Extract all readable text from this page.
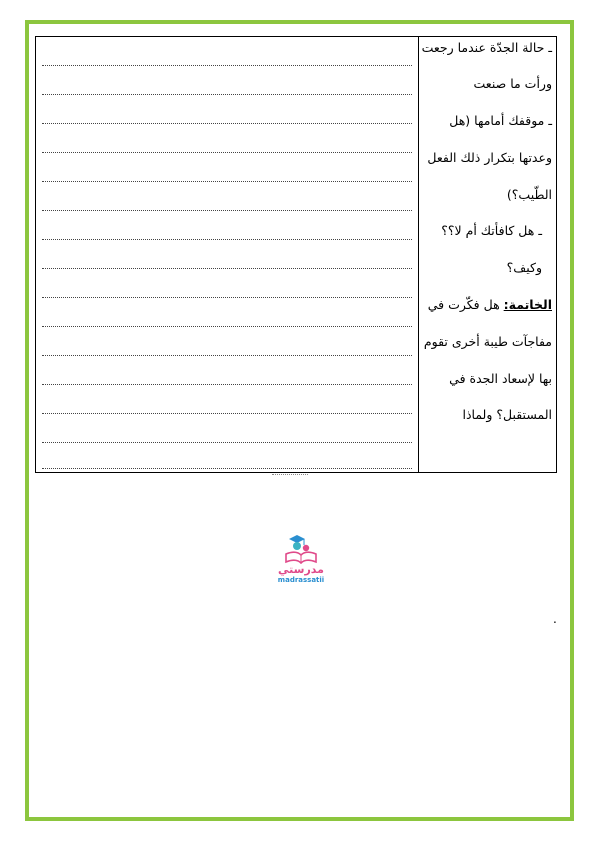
ـ حالة الجدّة عندما رجعت
ورأت ما صنعت
ـ موقفك أمامها (هل
وعدتها بتكرار ذلك الفعل
الطّيب؟)
ـ هل كافأتك أم لا؟؟
وكيف؟
الخاتمة: هل فكّرت في
مفاجآت طيبة أخرى تقوم
بها لإسعاد الجدة في
المستقبل؟ ولماذا
مدرستي
madrassatii
.
